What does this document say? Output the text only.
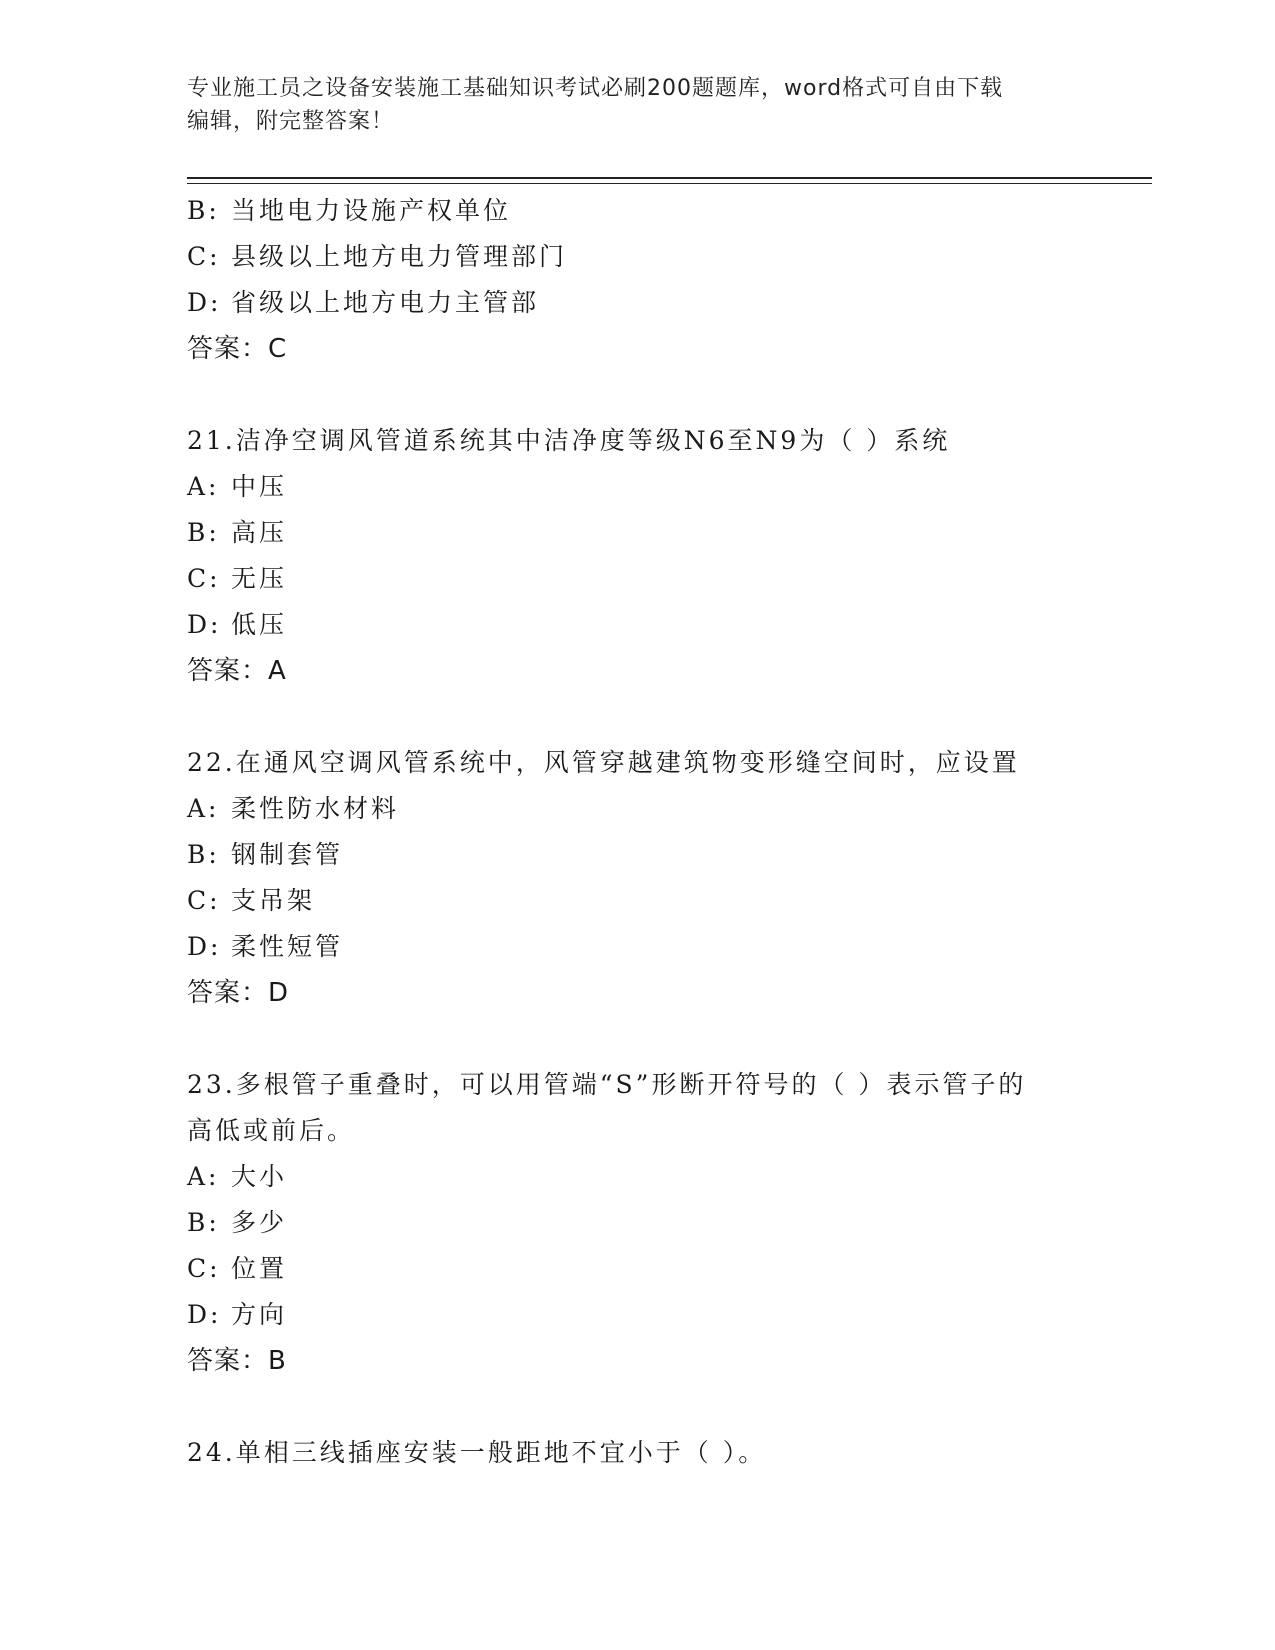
专业施工员之设备安装施工基础知识考试必刷200题题库，word格式可自由下载
编辑，附完整答案！
B: 当地电力设施产权单位
C: 县级以上地方电力管理部门
D: 省级以上地方电力主管部
答案：C
21.洁净空调风管道系统其中洁净度等级N6至N9为（ ）系统
A: 中压
B: 高压
C: 无压
D: 低压
答案：A
22.在通风空调风管系统中，风管穿越建筑物变形缝空间时，应设置
A: 柔性防水材料
B: 钢制套管
C: 支吊架
D: 柔性短管
答案：D
23.多根管子重叠时，可以用管端“S”形断开符号的（ ）表示管子的
高低或前后。
A: 大小
B: 多少
C: 位置
D: 方向
答案：B
24.单相三线插座安装一般距地不宜小于（ ）。
